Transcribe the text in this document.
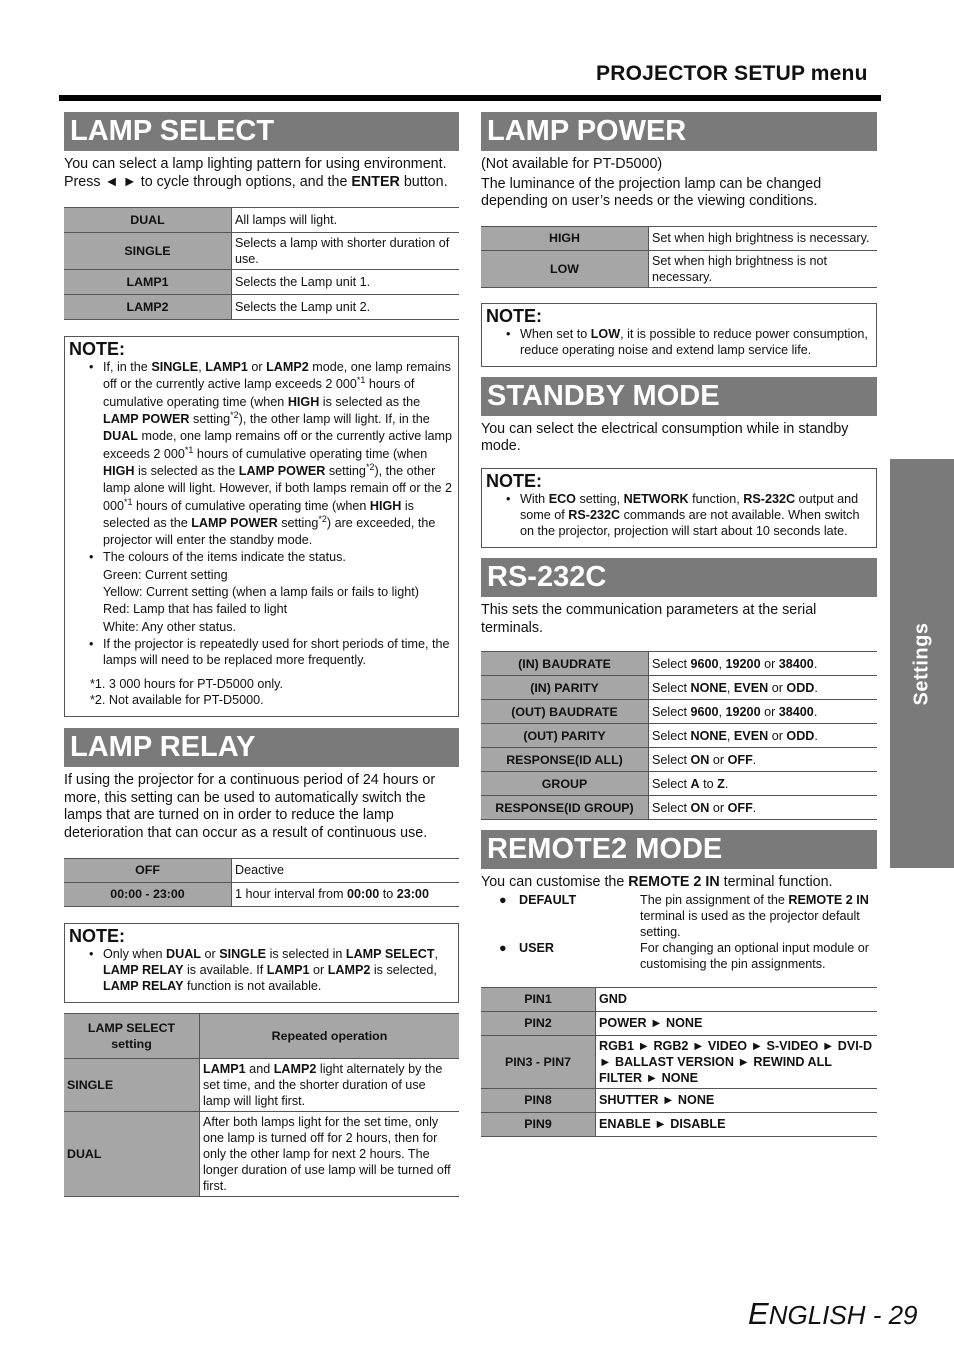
PROJECTOR SETUP menu
LAMP SELECT

You can select a lamp lighting pattern for using environment.
Press ◄ ► to cycle through options, and the ENTER button.

DUAL	All lamps will light.
SINGLE	Selects a lamp with shorter duration of use.
LAMP1	Selects the Lamp unit 1.
LAMP2	Selects the Lamp unit 2.
NOTE:
• If, in the SINGLE, LAMP1 or LAMP2 mode, one lamp remains off or the currently active lamp exceeds 2 000$^{*1}$ hours of cumulative operating time (when HIGH is selected as the LAMP POWER setting$^{*2}$), the other lamp will light. If, in the DUAL mode, one lamp remains off or the currently active lamp exceeds 2 000$^{*1}$ hours of cumulative operating time (when HIGH is selected as the LAMP POWER setting$^{*2}$), the other lamp alone will light. However, if both lamps remain off or the 2 000$^{*1}$ hours of cumulative operating time (when HIGH is selected as the LAMP POWER setting$^{*2}$) are exceeded, the projector will enter the standby mode.
• The colours of the items indicate the status.
Green: Current setting
Yellow: Current setting (when a lamp fails or fails to light)
Red: Lamp that has failed to light
White: Any other status.
• If the projector is repeatedly used for short periods of time, the lamps will need to be replaced more frequently.
*1. 3 000 hours for PT-D5000 only.
*2. Not available for PT-D5000.
LAMP RELAY

If using the projector for a continuous period of 24 hours or more, this setting can be used to automatically switch the lamps that are turned on in order to reduce the lamp deterioration that can occur as a result of continuous use.

OFF	Deactive
00:00 - 23:00	1 hour interval from 00:00 to 23:00
NOTE:
• Only when DUAL or SINGLE is selected in LAMP SELECT, LAMP RELAY is available. If LAMP1 or LAMP2 is selected, LAMP RELAY function is not available.
LAMP SELECT setting	Repeated operation
SINGLE	LAMP1 and LAMP2 light alternately by the set time, and the shorter duration of use lamp will light first.
DUAL	After both lamps light for the set time, only one lamp is turned off for 2 hours, then for only the other lamp for next 2 hours. The longer duration of use lamp will be turned off first.
LAMP POWER

(Not available for PT-D5000)

The luminance of the projection lamp can be changed depending on user’s needs or the viewing conditions.

HIGH	Set when high brightness is necessary.
LOW	Set when high brightness is not necessary.
NOTE:
• When set to LOW, it is possible to reduce power consumption, reduce operating noise and extend lamp service life.
STANDBY MODE

You can select the electrical consumption while in standby mode.

NOTE:
• With ECO setting, NETWORK function, RS-232C output and some of RS-232C commands are not available. When switch on the projector, projection will start about 10 seconds late.
RS-232C

This sets the communication parameters at the serial terminals.

(IN) BAUDRATE	Select 9600, 19200 or 38400.
(IN) PARITY	Select NONE, EVEN or ODD.
(OUT) BAUDRATE	Select 9600, 19200 or 38400.
(OUT) PARITY	Select NONE, EVEN or ODD.
RESPONSE(ID ALL)	Select ON or OFF.
GROUP	Select A to Z.
RESPONSE(ID GROUP)	Select ON or OFF.
REMOTE2 MODE

You can customise the REMOTE 2 IN terminal function.

● DEFAULT	The pin assignment of the REMOTE 2 IN terminal is used as the projector default setting.
● USER	For changing an optional input module or customising the pin assignments.
PIN1	GND
PIN2	POWER ► NONE
PIN3 - PIN7	RGB1 ► RGB2 ► VIDEO ► S-VIDEO ► DVI-D ► BALLAST VERSION ► REWIND ALL FILTER ► NONE
PIN8	SHUTTER ► NONE
PIN9	ENABLE ► DISABLE
Settings
ENGLISH - 29
